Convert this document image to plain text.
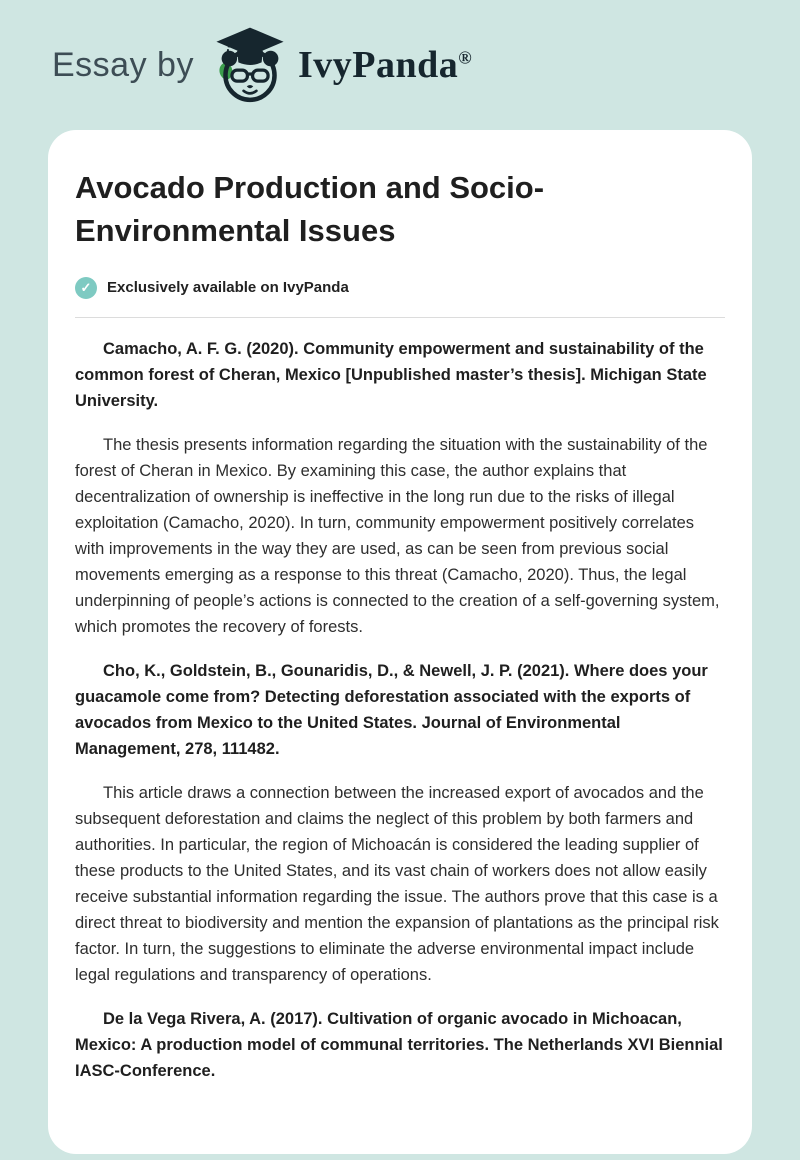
Essay by	IvyPanda®
Avocado Production and Socio-Environmental Issues
✓	Exclusively available on IvyPanda

Camacho, A. F. G. (2020). Community empowerment and sustainability of the common forest of Cheran, Mexico [Unpublished master’s thesis]. Michigan State University.

The thesis presents information regarding the situation with the sustainability of the forest of Cheran in Mexico. By examining this case, the author explains that decentralization of ownership is ineffective in the long run due to the risks of illegal exploitation (Camacho, 2020). In turn, community empowerment positively correlates with improvements in the way they are used, as can be seen from previous social movements emerging as a response to this threat (Camacho, 2020). Thus, the legal underpinning of people’s actions is connected to the creation of a self-governing system, which promotes the recovery of forests.

Cho, K., Goldstein, B., Gounaridis, D., & Newell, J. P. (2021). Where does your guacamole come from? Detecting deforestation associated with the exports of avocados from Mexico to the United States. Journal of Environmental Management, 278, 111482.

This article draws a connection between the increased export of avocados and the subsequent deforestation and claims the neglect of this problem by both farmers and authorities. In particular, the region of Michoacán is considered the leading supplier of these products to the United States, and its vast chain of workers does not allow easily receive substantial information regarding the issue. The authors prove that this case is a direct threat to biodiversity and mention the expansion of plantations as the principal risk factor. In turn, the suggestions to eliminate the adverse environmental impact include legal regulations and transparency of operations.

De la Vega Rivera, A. (2017). Cultivation of organic avocado in Michoacan, Mexico: A production model of communal territories. The Netherlands XVI Biennial IASC-Conference.
